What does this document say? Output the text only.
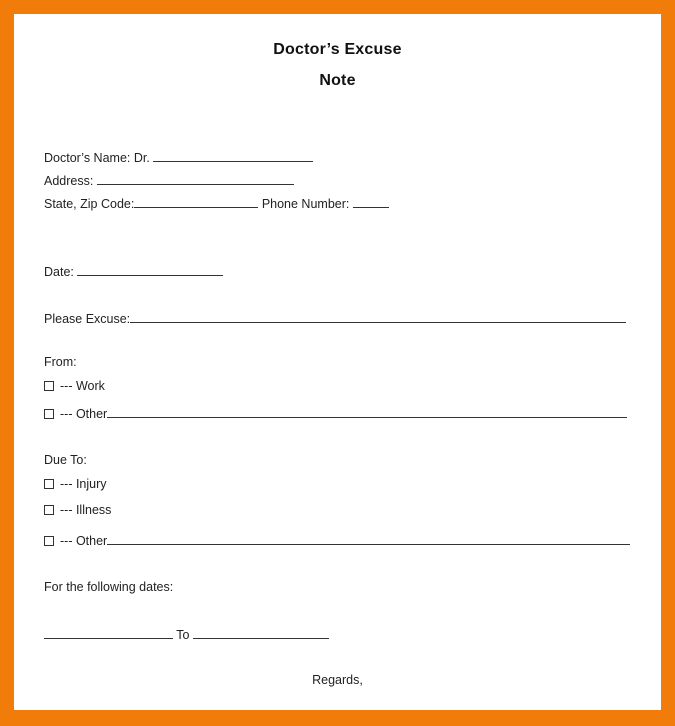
Doctor’s Excuse
Note
Doctor’s Name: Dr.
Address:
State, Zip Code:	Phone Number:
Date:
Please Excuse:
From:
--- Work
--- Other
Due To:
--- Injury
--- Illness
--- Other
For the following dates:
To
Regards,
